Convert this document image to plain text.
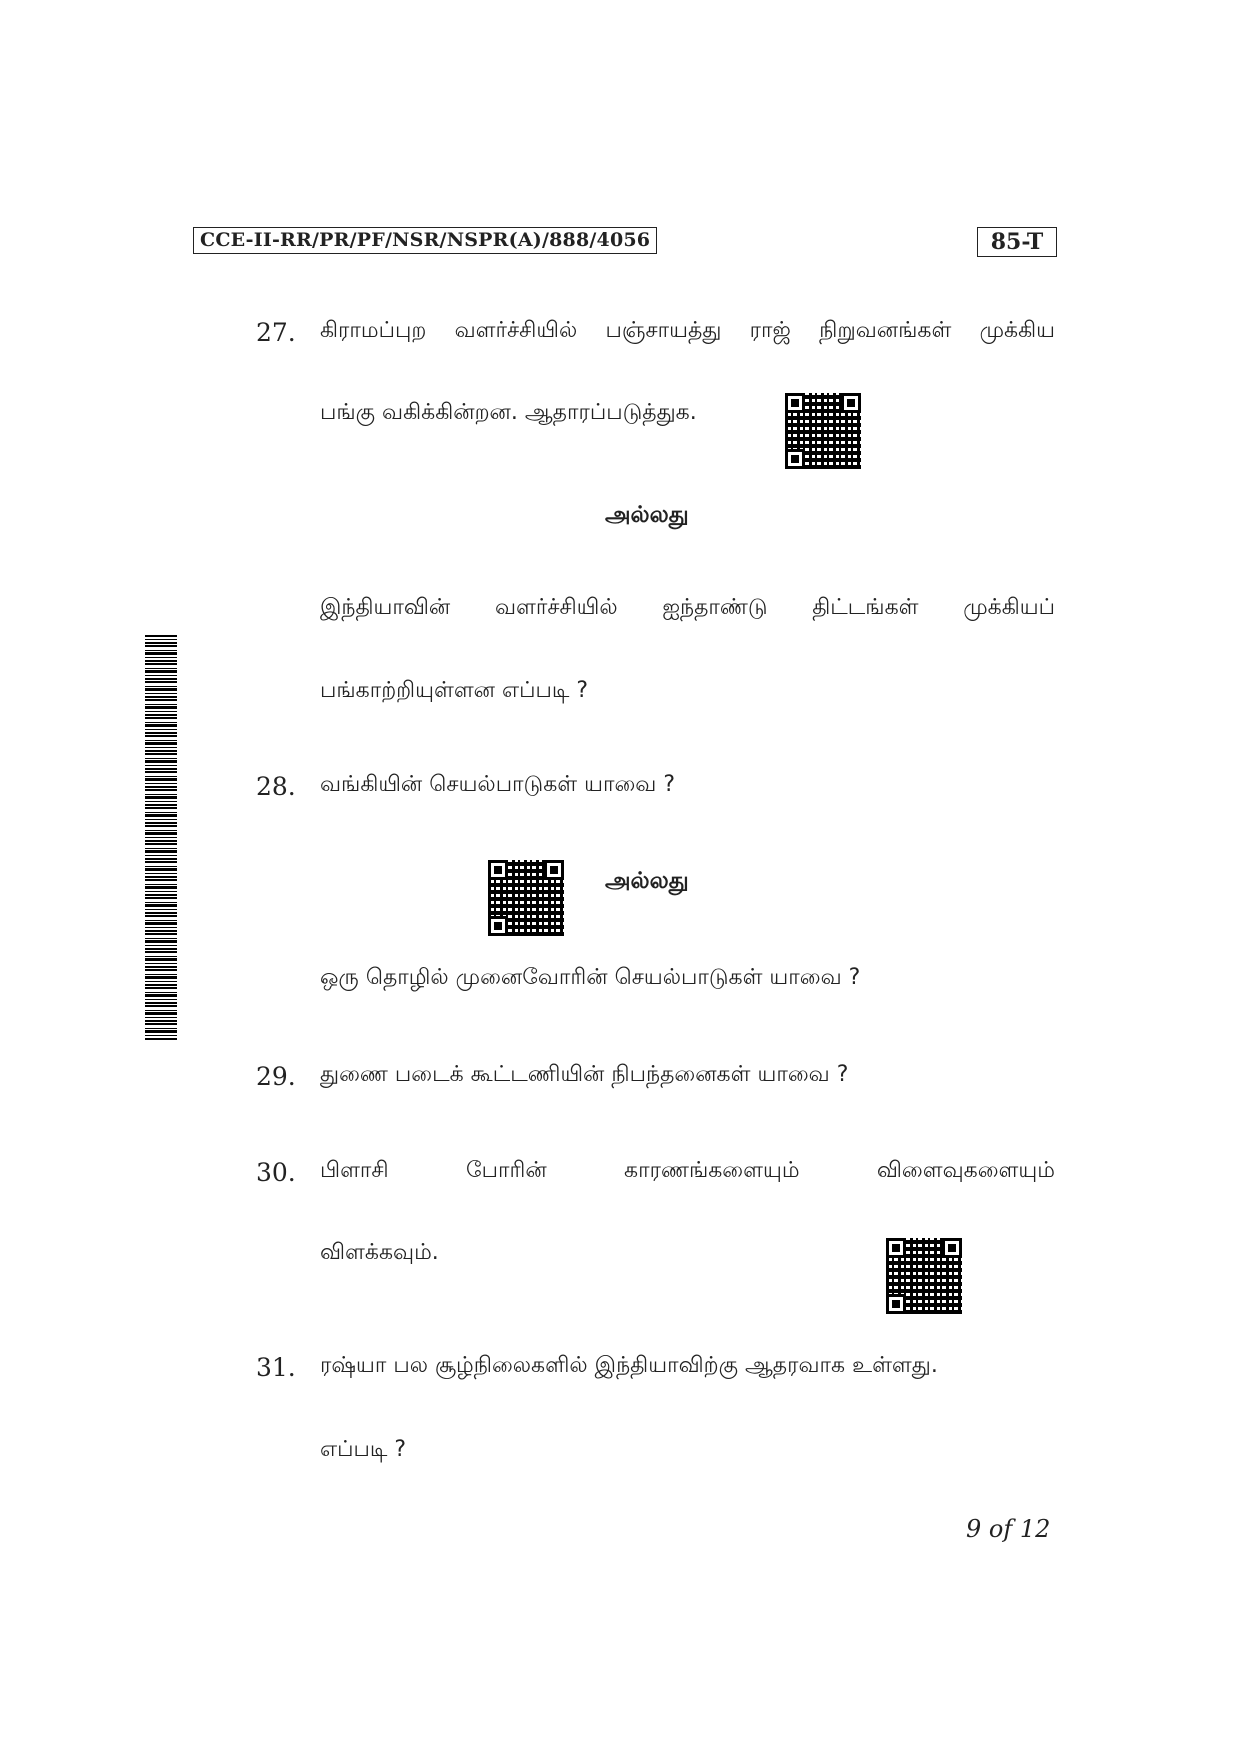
CCE-II-RR/PR/PF/NSR/NSPR(A)/888/4056	85-T
27. கிராமப்புற வளர்ச்சியில் பஞ்சாயத்து ராஜ் நிறுவனங்கள் முக்கிய
பங்கு வகிக்கின்றன. ஆதாரப்படுத்துக.
அல்லது
இந்தியாவின் வளர்ச்சியில் ஐந்தாண்டு திட்டங்கள் முக்கியப்
பங்காற்றியுள்ளன எப்படி ?
28. வங்கியின் செயல்பாடுகள் யாவை ?
அல்லது
ஒரு தொழில் முனைவோரின் செயல்பாடுகள் யாவை ?
29. துணை படைக் கூட்டணியின் நிபந்தனைகள் யாவை ?
30. பிளாசி	போரின்	காரணங்களையும்	விளைவுகளையும்
விளக்கவும்.
31. ரஷ்யா பல சூழ்நிலைகளில் இந்தியாவிற்கு ஆதரவாக உள்ளது.
எப்படி ?
9 of 12
